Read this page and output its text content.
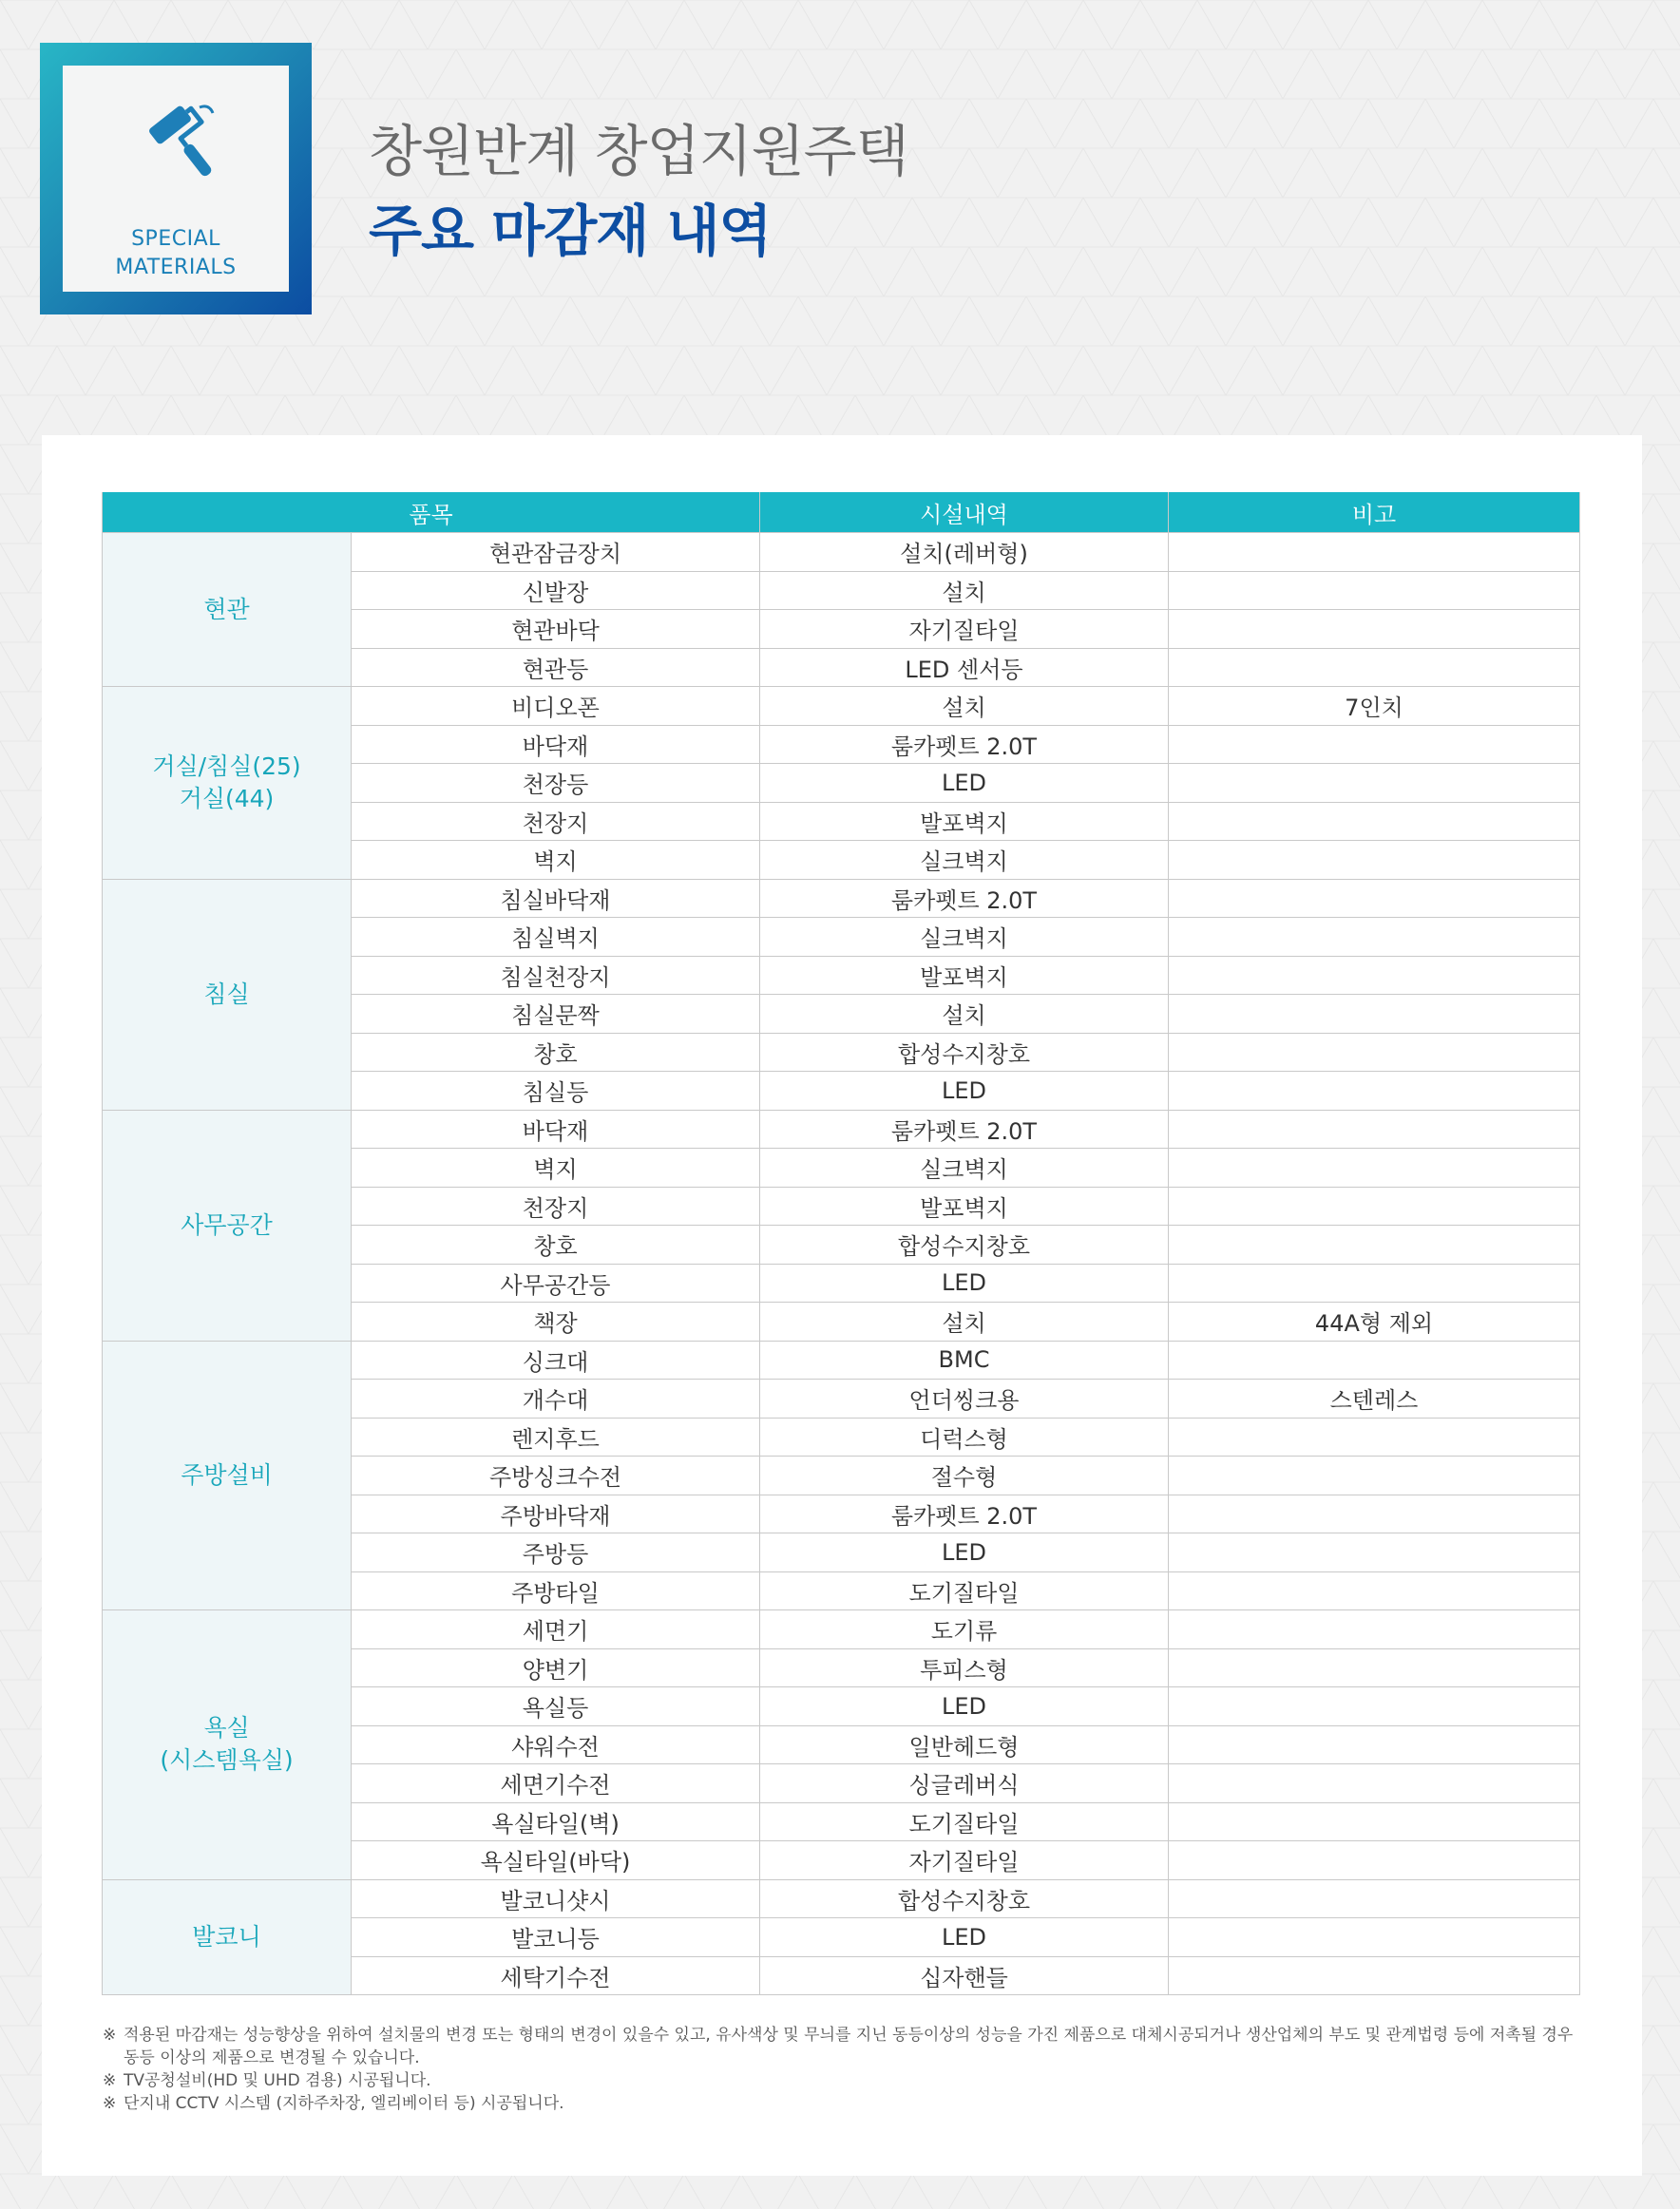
SPECIAL
MATERIALS
창원반계 창업지원주택
주요 마감재 내역
품목		시설내역	비고
현관	현관잠금장치	설치(레버형)	
	신발장	설치	
	현관바닥	자기질타일	
	현관등	LED 센서등	
거실/침실(25)
거실(44)	비디오폰	설치	7인치
	바닥재	룸카펫트 2.0T	
	천장등	LED	
	천장지	발포벽지	
	벽지	실크벽지	
침실	침실바닥재	룸카펫트 2.0T	
	침실벽지	실크벽지	
	침실천장지	발포벽지	
	침실문짝	설치	
	창호	합성수지창호	
	침실등	LED	
사무공간	바닥재	룸카펫트 2.0T	
	벽지	실크벽지	
	천장지	발포벽지	
	창호	합성수지창호	
	사무공간등	LED	
	책장	설치	44A형 제외
주방설비	싱크대	BMC	
	개수대	언더씽크용	스텐레스
	렌지후드	디럭스형	
	주방싱크수전	절수형	
	주방바닥재	룸카펫트 2.0T	
	주방등	LED	
	주방타일	도기질타일	
욕실
(시스템욕실)	세면기	도기류	
	양변기	투피스형	
	욕실등	LED	
	샤워수전	일반헤드형	
	세면기수전	싱글레버식	
	욕실타일(벽)	도기질타일	
	욕실타일(바닥)	자기질타일	
발코니	발코니샷시	합성수지창호	
	발코니등	LED	
	세탁기수전	십자핸들	
※ 적용된 마감재는 성능향상을 위하여 설치물의 변경 또는 형태의 변경이 있을수 있고, 유사색상 및 무늬를 지닌 동등이상의 성능을 가진 제품으로 대체시공되거나 생산업체의 부도 및 관계법령 등에 저촉될 경우 동등 이상의 제품으로 변경될 수 있습니다.
※ TV공청설비(HD 및 UHD 겸용) 시공됩니다.
※ 단지내 CCTV 시스템 (지하주차장, 엘리베이터 등) 시공됩니다.
